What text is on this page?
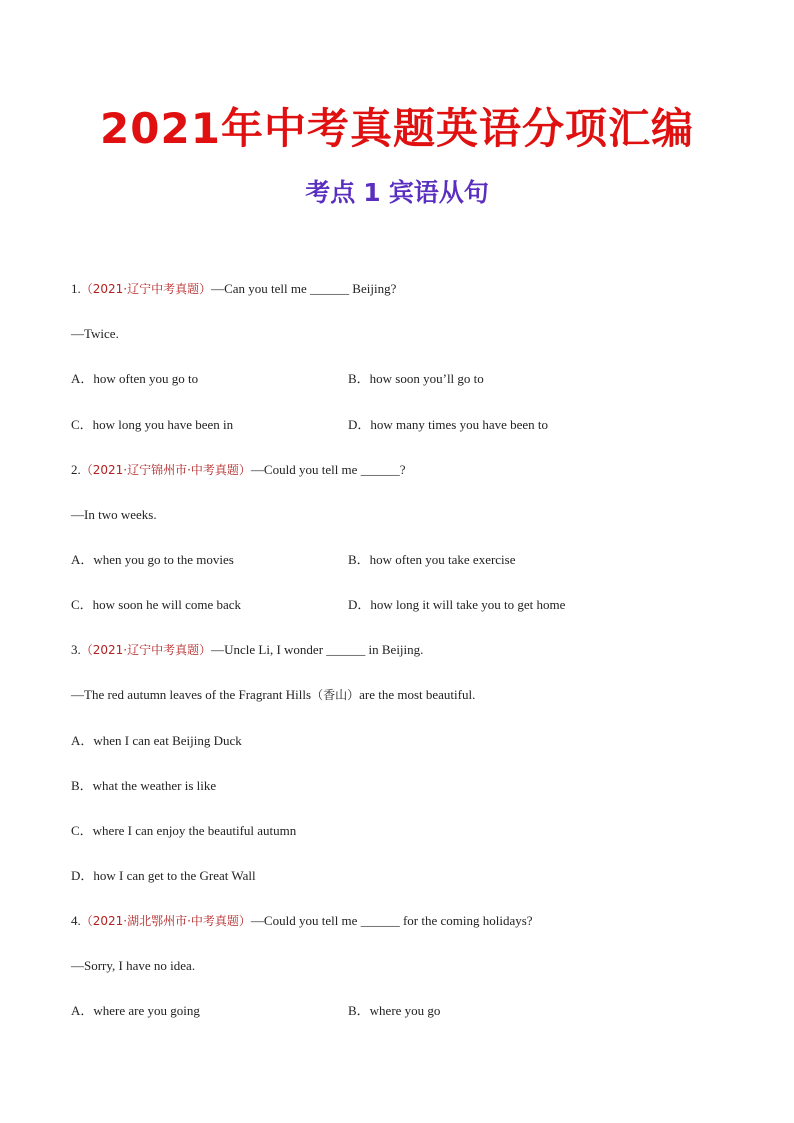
2021年中考真题英语分项汇编
考点 1 宾语从句
1.（2021·辽宁中考真题）—Can you tell me ______ Beijing?
—Twice.
A．how often you go to	B．how soon you’ll go to
C．how long you have been in	D．how many times you have been to
2.（2021·辽宁锦州市·中考真题）—Could you tell me ______?
—In two weeks.
A．when you go to the movies	B．how often you take exercise
C．how soon he will come back	D．how long it will take you to get home
3.（2021·辽宁中考真题）—Uncle Li, I wonder ______ in Beijing.
—The red autumn leaves of the Fragrant Hills（香山）are the most beautiful.
A．when I can eat Beijing Duck
B．what the weather is like
C．where I can enjoy the beautiful autumn
D．how I can get to the Great Wall
4.（2021·湖北鄂州市·中考真题）—Could you tell me ______ for the coming holidays?
—Sorry, I have no idea.
A．where are you going	B．where you go
